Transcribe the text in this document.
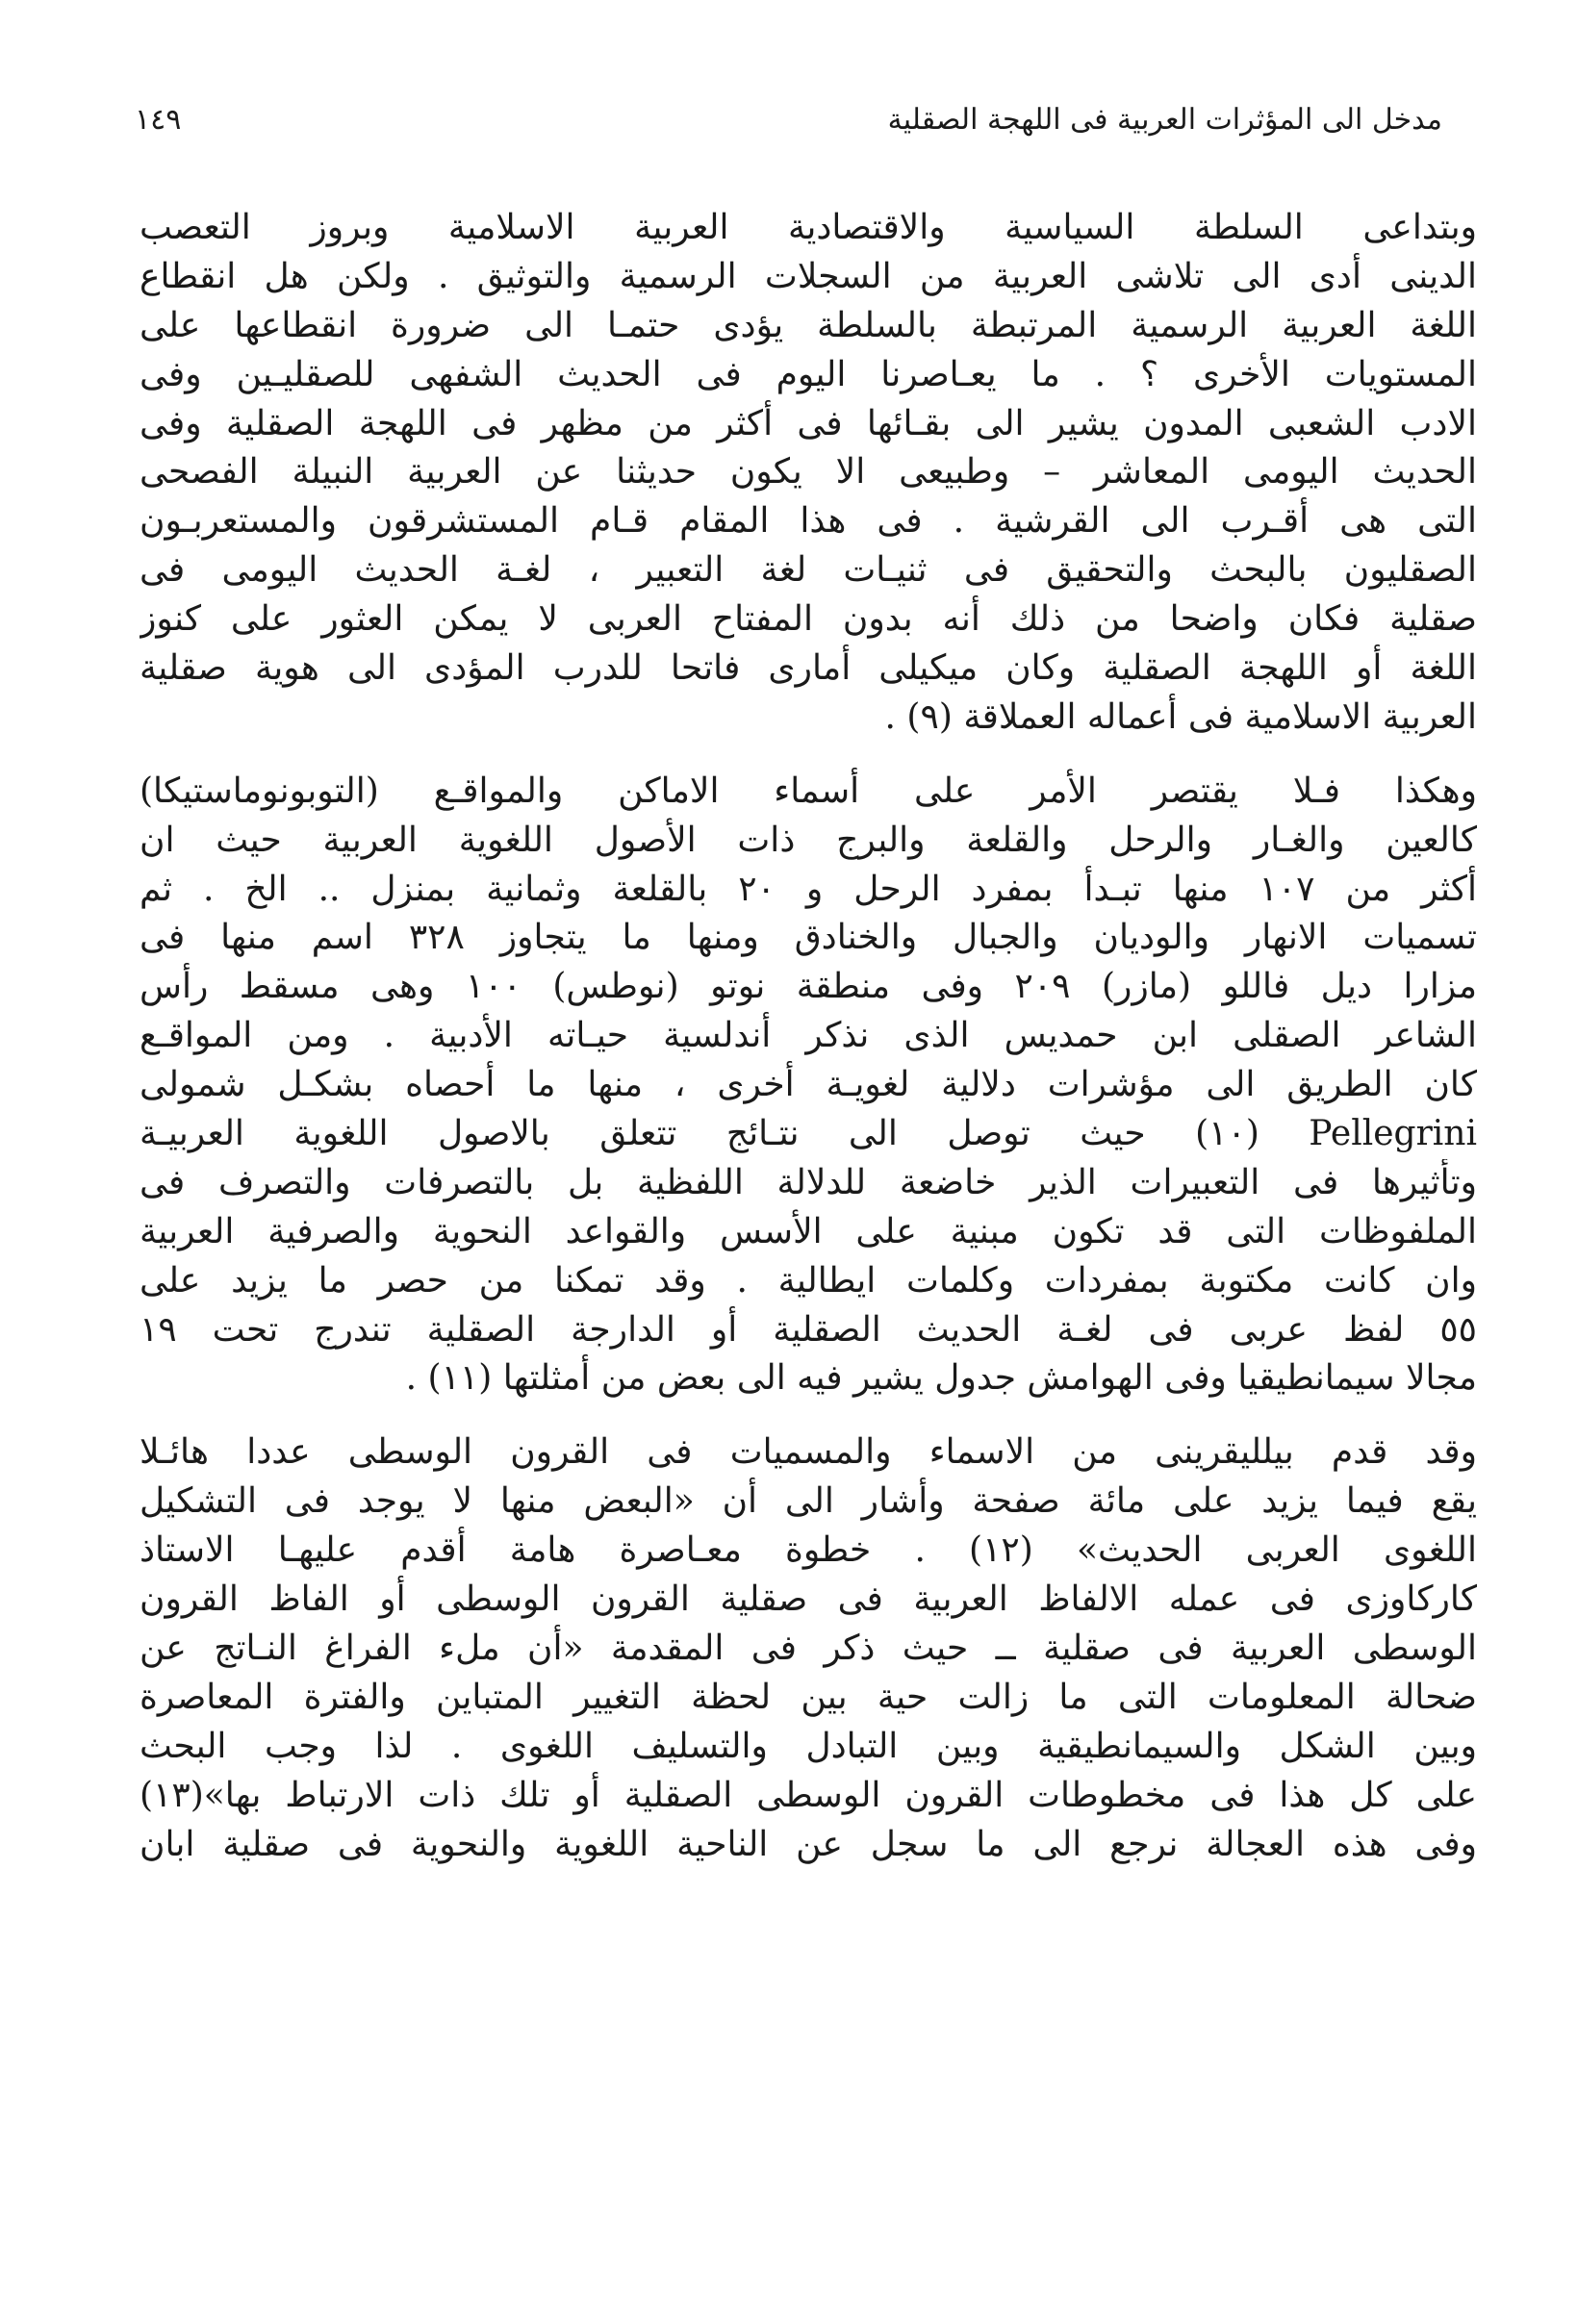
مدخل الى المؤثرات العربية فى اللهجة الصقلية
١٤٩

وبتداعى السلطة السياسية والاقتصادية العربية الاسلامية وبروز التعصب
الدينى أدى الى تلاشى العربية من السجلات الرسمية والتوثيق . ولكن هل انقطاع
اللغة العربية الرسمية المرتبطة بالسلطة يؤدى حتمـا الى ضرورة انقطاعها على
المستويات الأخرى ؟ . ما يعـاصرنا اليوم فى الحديث الشفهى للصقليـين وفى
الادب الشعبى المدون يشير الى بقـائها فى أكثر من مظهر فى اللهجة الصقلية وفى
الحديث اليومى المعاشر – وطبيعى الا يكون حديثنا عن العربية النبيلة الفصحى
التى هى أقـرب الى القرشية . فى هذا المقام قـام المستشرقون والمستعربـون
الصقليون بالبحث والتحقيق فى ثنيـات لغة التعبير ، لغـة الحديث اليومى فى
صقلية فكان واضحا من ذلك أنه بدون المفتاح العربى لا يمكن العثور على كنوز
اللغة أو اللهجة الصقلية وكان ميكيلى أمارى فاتحا للدرب المؤدى الى هوية صقلية
العربية الاسلامية فى أعماله العملاقة (٩) .

وهكذا فـلا يقتصر الأمر على أسماء الاماكن والمواقـع (التوبونوماستيكا)
كالعين والغـار والرحل والقلعة والبرج ذات الأصول اللغوية العربية حيث ان
أكثر من ١٠٧ منها تبـدأ بمفرد الرحل و ٢٠ بالقلعة وثمانية بمنزل .. الخ . ثم
تسميات الانهار والوديان والجبال والخنادق ومنها ما يتجاوز ٣٢٨ اسم منها فى
مزارا ديل فاللو (مازر) ٢٠٩ وفى منطقة نوتو (نوطس) ١٠٠ وهى مسقط رأس
الشاعر الصقلى ابن حمديس الذى نذكر أندلسية حيـاته الأدبية . ومن المواقـع
كان الطريق الى مؤشرات دلالية لغويـة أخرى ، منها ما أحصاه بشكـل شمولى
Pellegrini (١٠) حيث توصل الى نتـائج تتعلق بالاصول اللغوية العربيـة
وتأثيرها فى التعبيرات الذير خاضعة للدلالة اللفظية بل بالتصرفات والتصرف فى
الملفوظات التى قد تكون مبنية على الأسس والقواعد النحوية والصرفية العربية
وان كانت مكتوبة بمفردات وكلمات ايطالية . وقد تمكنا من حصر ما يزيد على
٥٥ لفظ عربى فى لغـة الحديث الصقلية أو الدارجة الصقلية تندرج تحت ١٩
مجالا سيمانطيقيا وفى الهوامش جدول يشير فيه الى بعض من أمثلتها (١١) .

وقد قدم بيلليقرينى من الاسماء والمسميات فى القرون الوسطى عددا هائـلا
يقع فيما يزيد على مائة صفحة وأشار الى أن «البعض منها لا يوجد فى التشكيل
اللغوى العربى الحديث» (١٢) . خطوة معـاصرة هامة أقدم عليهـا الاستاذ
كاركاوزى فى عمله الالفاظ العربية فى صقلية القرون الوسطى أو الفاظ القرون
الوسطى العربية فى صقلية ــ حيث ذكر فى المقدمة «أن ملء الفراغ النـاتج عن
ضحالة المعلومات التى ما زالت حية بين لحظة التغيير المتباين والفترة المعاصرة
وبين الشكل والسيمانطيقية وبين التبادل والتسليف اللغوى . لذا وجب البحث
على كل هذا فى مخطوطات القرون الوسطى الصقلية أو تلك ذات الارتباط بها»(١٣)
وفى هذه العجالة نرجع الى ما سجل عن الناحية اللغوية والنحوية فى صقلية ابان
